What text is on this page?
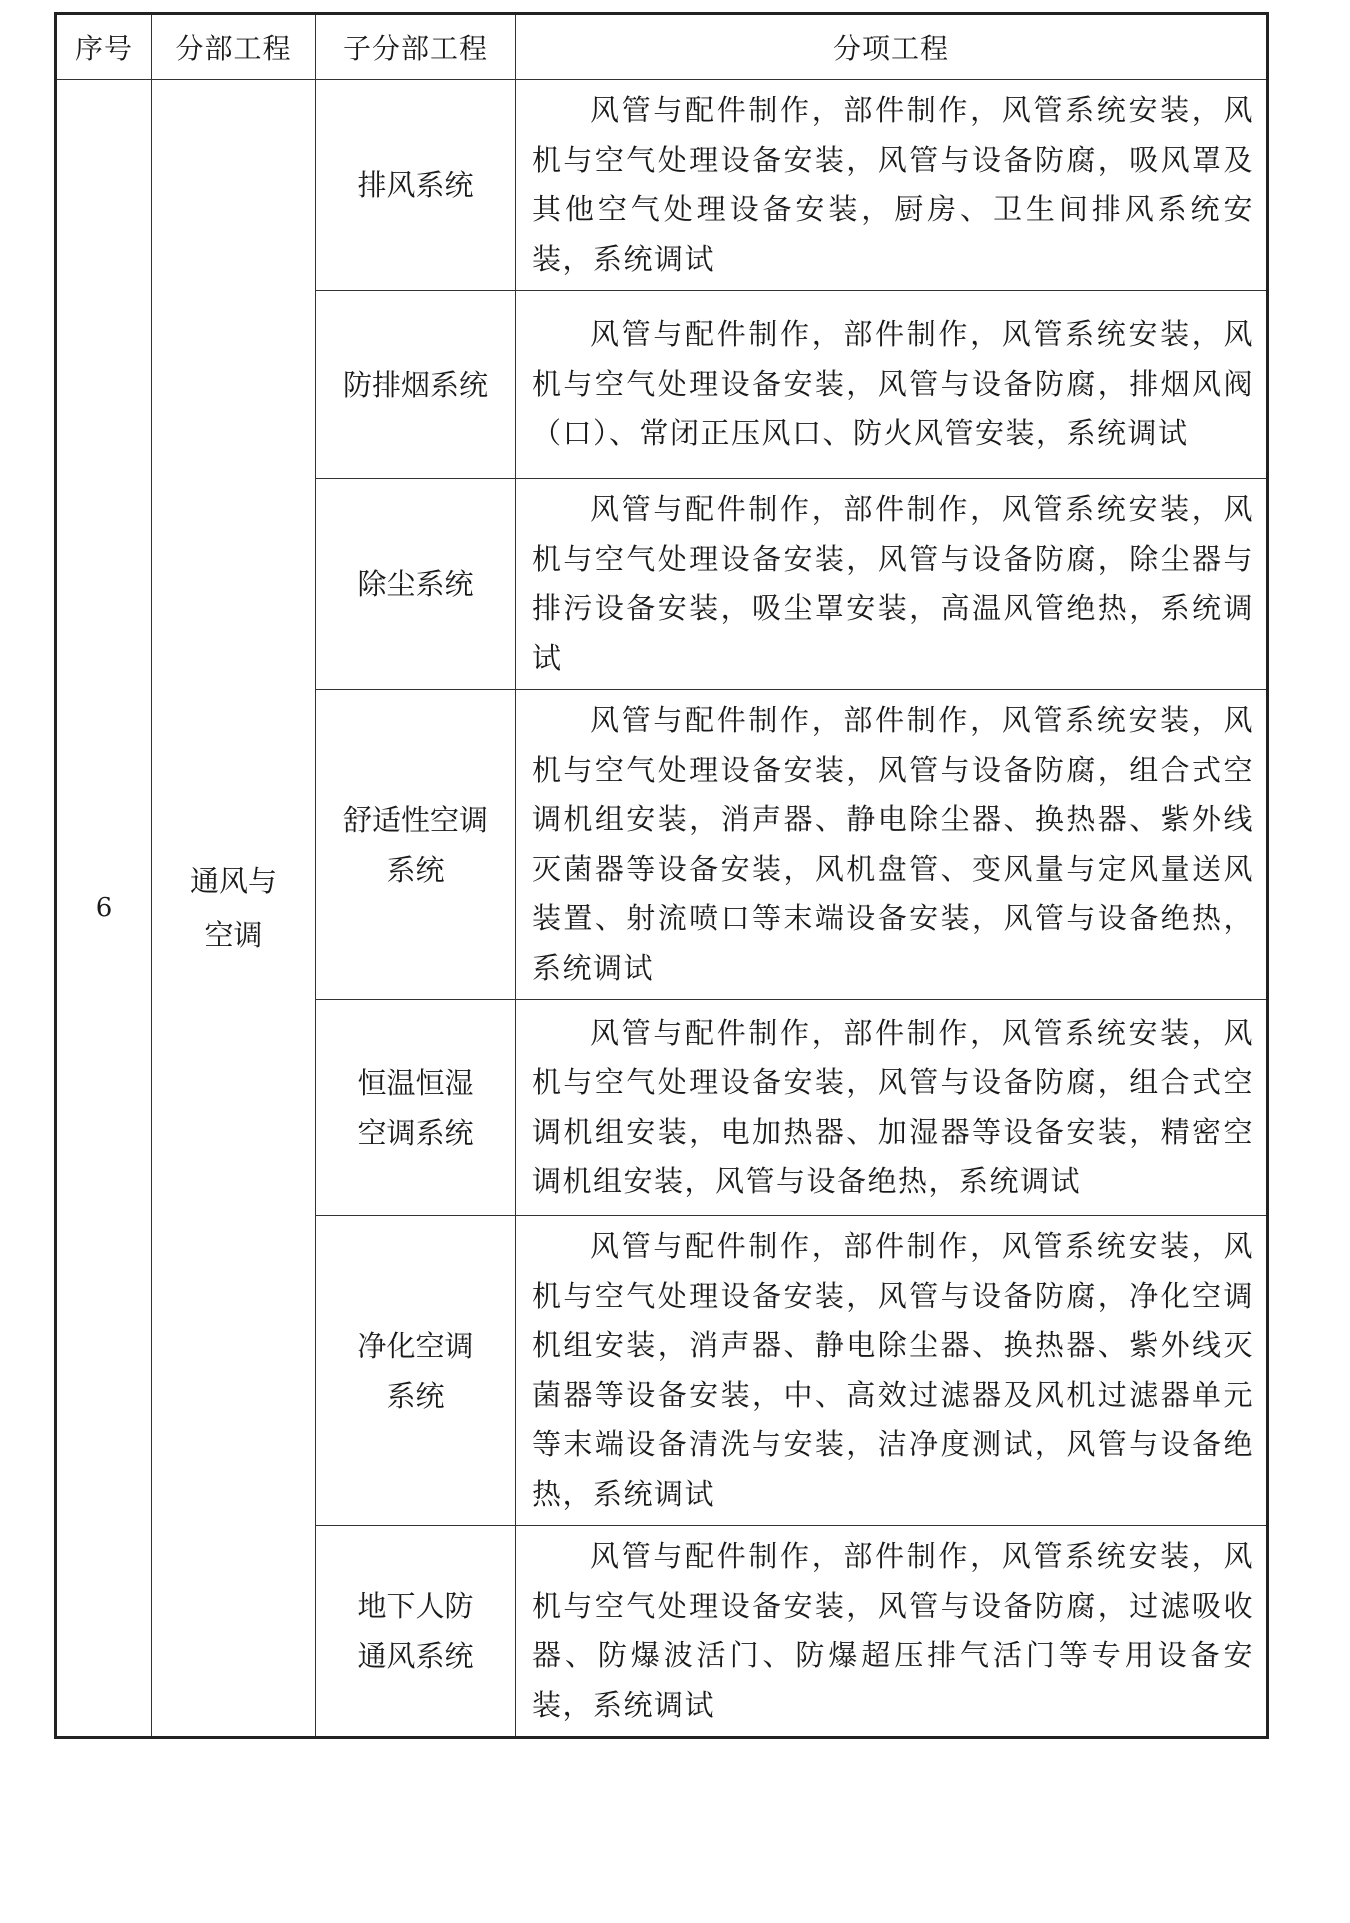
序号	分部工程	子分部工程	分项工程
6	通风与空调	排风系统	风管与配件制作，部件制作，风管系统安装，风机与空气处理设备安装，风管与设备防腐，吸风罩及其他空气处理设备安装，厨房、卫生间排风系统安装，系统调试
		防排烟系统	风管与配件制作，部件制作，风管系统安装，风机与空气处理设备安装，风管与设备防腐，排烟风阀（口）、常闭正压风口、防火风管安装，系统调试
		除尘系统	风管与配件制作，部件制作，风管系统安装，风机与空气处理设备安装，风管与设备防腐，除尘器与排污设备安装，吸尘罩安装，高温风管绝热，系统调试
		舒适性空调系统	风管与配件制作，部件制作，风管系统安装，风机与空气处理设备安装，风管与设备防腐，组合式空调机组安装，消声器、静电除尘器、换热器、紫外线灭菌器等设备安装，风机盘管、变风量与定风量送风装置、射流喷口等末端设备安装，风管与设备绝热，系统调试
		恒温恒湿空调系统	风管与配件制作，部件制作，风管系统安装，风机与空气处理设备安装，风管与设备防腐，组合式空调机组安装，电加热器、加湿器等设备安装，精密空调机组安装，风管与设备绝热，系统调试
		净化空调系统	风管与配件制作，部件制作，风管系统安装，风机与空气处理设备安装，风管与设备防腐，净化空调机组安装，消声器、静电除尘器、换热器、紫外线灭菌器等设备安装，中、高效过滤器及风机过滤器单元等末端设备清洗与安装，洁净度测试，风管与设备绝热，系统调试
		地下人防通风系统	风管与配件制作，部件制作，风管系统安装，风机与空气处理设备安装，风管与设备防腐，过滤吸收器、防爆波活门、防爆超压排气活门等专用设备安装，系统调试
